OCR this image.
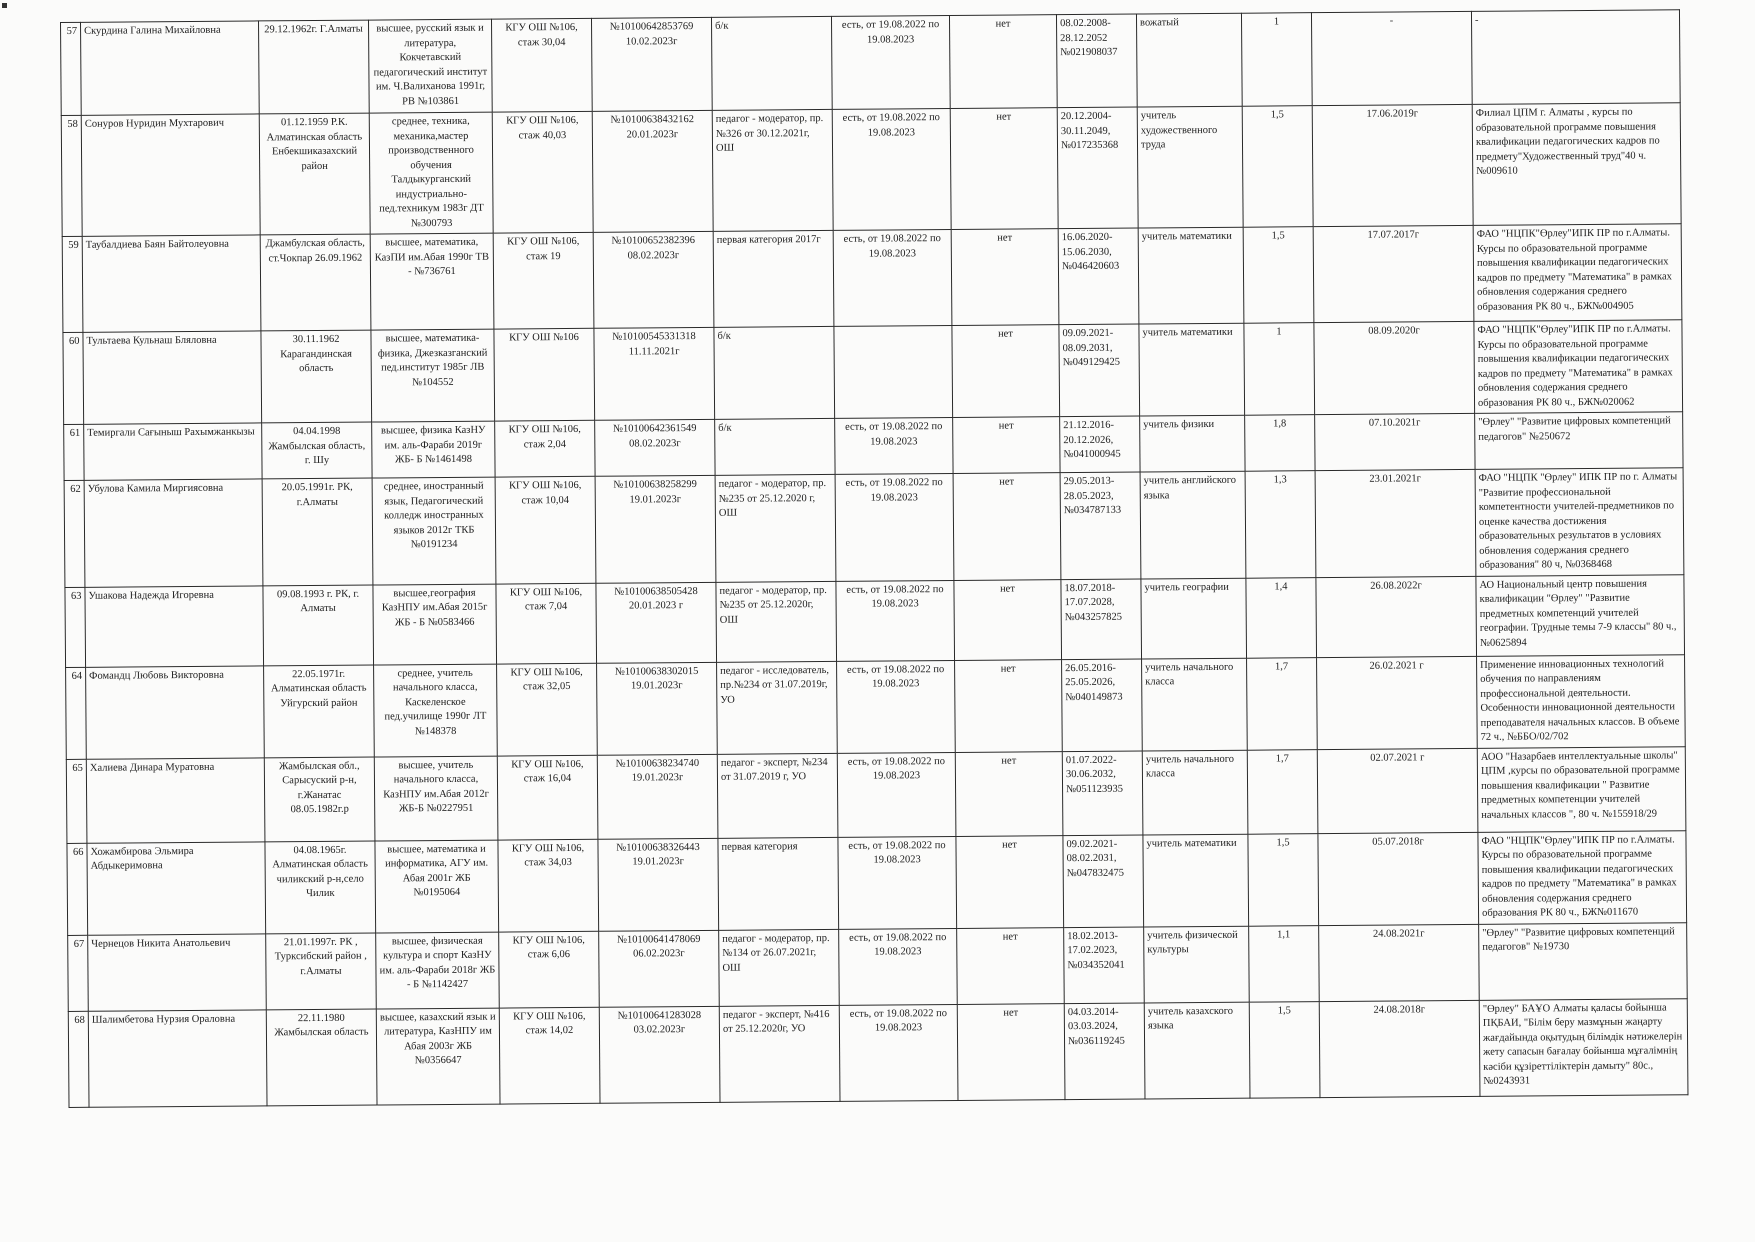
57	Скурдина Галина Михайловна	29.12.1962г. Г.Алматы	высшее, русский язык и литература, Кокчетавский педагогический институт им. Ч.Валиханова 1991г, РВ №103861	КГУ ОШ №106, стаж 30,04	№10100642853769 10.02.2023г	б/к	есть, от 19.08.2022 по 19.08.2023	нет	08.02.2008-28.12.2052 №021908037	вожатый	1	-	-
58	Сонуров Нуридин Мухтарович	01.12.1959 Р.К. Алматинская область Енбекшиказахский район	среднее, техника, механика,мастер производственного обучения Талдыкурганский индустриально-пед.техникум 1983г ДТ №300793	КГУ ОШ №106, стаж 40,03	№10100638432162 20.01.2023г	педагог - модератор, пр. №326 от 30.12.2021г, ОШ	есть, от 19.08.2022 по 19.08.2023	нет	20.12.2004-30.11.2049, №017235368	учитель художественного труда	1,5	17.06.2019г	Филиал ЦПМ г. Алматы , курсы по образовательной программе повышения квалификации педагогических кадров по предмету"Художественный труд"40 ч. №009610
59	Таубалдиева Баян Байтолеуовна	Джамбулская область, ст.Чокпар 26.09.1962	высшее, математика, КазПИ им.Абая 1990г ТВ - №736761	КГУ ОШ №106, стаж 19	№10100652382396 08.02.2023г	первая категория 2017г	есть, от 19.08.2022 по 19.08.2023	нет	16.06.2020-15.06.2030, №046420603	учитель математики	1,5	17.07.2017г	ФАО "НЦПК"Өрлеу"ИПК ПР по г.Алматы. Курсы по образовательной программе повышения квалификации педагогических кадров по предмету "Математика" в рамках обновления содержания среднего образования РК 80 ч., БЖ№004905
60	Тультаева Кульнаш Бляловна	30.11.1962 Карагандинская область	высшее, математика-физика, Джезказганский пед.институт 1985г ЛВ №104552	КГУ ОШ №106	№10100545331318 11.11.2021г	б/к		нет	09.09.2021-08.09.2031, №049129425	учитель математики	1	08.09.2020г	ФАО "НЦПК"Өрлеу"ИПК ПР по г.Алматы. Курсы по образовательной программе повышения квалификации педагогических кадров по предмету "Математика" в рамках обновления содержания среднего образования РК 80 ч., БЖ№020062
61	Темиргали Сағыныш Рахымжанкызы	04.04.1998 Жамбылская область, г. Шу	высшее, физика КазНУ им. аль-Фараби 2019г ЖБ- Б №1461498	КГУ ОШ №106, стаж 2,04	№10100642361549 08.02.2023г	б/к	есть, от 19.08.2022 по 19.08.2023	нет	21.12.2016-20.12.2026, №041000945	учитель физики	1,8	07.10.2021г	"Өрлеу" "Развитие цифровых компетенций педагогов" №250672
62	Убулова Камила Миргиясовна	20.05.1991г. РК, г.Алматы	среднее, иностранный язык, Педагогический колледж иностранных языков 2012г ТКБ №0191234	КГУ ОШ №106, стаж 10,04	№10100638258299 19.01.2023г	педагог - модератор, пр. №235 от 25.12.2020 г, ОШ	есть, от 19.08.2022 по 19.08.2023	нет	29.05.2013-28.05.2023, №034787133	учитель английского языка	1,3	23.01.2021г	ФАО "НЦПК "Өрлеу" ИПК ПР по г. Алматы "Развитие профессиональной компетентности учителей-предметников по оценке качества достижения образовательных результатов в условиях обновления содержания среднего образования" 80 ч, №0368468
63	Ушакова Надежда Игоревна	09.08.1993 г. РК, г. Алматы	высшее,география КазНПУ им.Абая 2015г ЖБ - Б №0583466	КГУ ОШ №106, стаж 7,04	№10100638505428 20.01.2023 г	педагог - модератор, пр. №235 от 25.12.2020г, ОШ	есть, от 19.08.2022 по 19.08.2023	нет	18.07.2018-17.07.2028, №043257825	учитель географии	1,4	26.08.2022г	АО Национальный центр повышения квалификации "Өрлеу" "Развитие предметных компетенций учителей географии. Трудные темы 7-9 классы" 80 ч., №0625894
64	Фомандц Любовь Викторовна	22.05.1971г. Алматинская область Уйгурский район	среднее, учитель начального класса, Каскеленское пед.училище 1990г ЛТ №148378	КГУ ОШ №106, стаж 32,05	№10100638302015 19.01.2023г	педагог - исследователь, пр.№234 от 31.07.2019г, УО	есть, от 19.08.2022 по 19.08.2023	нет	26.05.2016-25.05.2026, №040149873	учитель начального класса	1,7	26.02.2021 г	Применение инновационных технологий обучения по направлениям профессиональной деятельности. Особенности инновационной деятельности преподавателя начальных классов. В объеме 72 ч., №ББО/02/702
65	Халиева Динара Муратовна	Жамбылская обл., Сарысуский р-н, г.Жанатас 08.05.1982г.р	высшее, учитель начального класса, КазНПУ им.Абая 2012г ЖБ-Б №0227951	КГУ ОШ №106, стаж 16,04	№10100638234740 19.01.2023г	педагог - эксперт, №234 от 31.07.2019 г, УО	есть, от 19.08.2022 по 19.08.2023	нет	01.07.2022-30.06.2032, №051123935	учитель начального класса	1,7	02.07.2021 г	АОО "Назарбаев интеллектуальные школы" ЦПМ ,курсы по образовательной программе повышения квалификации " Развитие предметных компетенции учителей начальных классов ", 80 ч. №155918/29
66	Хожамбирова Эльмира Абдыкеримовна	04.08.1965г. Алматинская область чиликский р-н,село Чилик	высшее, математика и информатика, АГУ им. Абая 2001г ЖБ №0195064	КГУ ОШ №106, стаж 34,03	№10100638326443 19.01.2023г	первая категория	есть, от 19.08.2022 по 19.08.2023	нет	09.02.2021-08.02.2031, №047832475	учитель математики	1,5	05.07.2018г	ФАО "НЦПК"Өрлеу"ИПК ПР по г.Алматы. Курсы по образовательной программе повышения квалификации педагогических кадров по предмету "Математика" в рамках обновления содержания среднего образования РК 80 ч., БЖ№011670
67	Чернецов Никита Анатольевич	21.01.1997г. РК , Турксибский район , г.Алматы	высшее, физическая культура и спорт КазНУ им. аль-Фараби 2018г ЖБ - Б №1142427	КГУ ОШ №106, стаж 6,06	№10100641478069 06.02.2023г	педагог - модератор, пр. №134 от 26.07.2021г, ОШ	есть, от 19.08.2022 по 19.08.2023	нет	18.02.2013-17.02.2023, №034352041	учитель физической культуры	1,1	24.08.2021г	"Өрлеу" "Развитие цифровых компетенций педагогов" №19730
68	Шалимбетова Нурзия Ораловна	22.11.1980 Жамбылская область	высшее, казахский язык и литература, КазНПУ им Абая 2003г ЖБ №0356647	КГУ ОШ №106, стаж 14,02	№10100641283028 03.02.2023г	педагог - эксперт, №416 от 25.12.2020г, УО	есть, от 19.08.2022 по 19.08.2023	нет	04.03.2014-03.03.2024, №036119245	учитель казахского языка	1,5	24.08.2018г	"Өрлеу" БАҰО Алматы қаласы бойынша ПҚБАИ, "Білім беру мазмұнын жаңарту жағдайында оқытудың білімдік нәтижелерін жету сапасын бағалау бойынша мұғалімнің кәсіби құзіреттіліктерін дамыту" 80с., №0243931
